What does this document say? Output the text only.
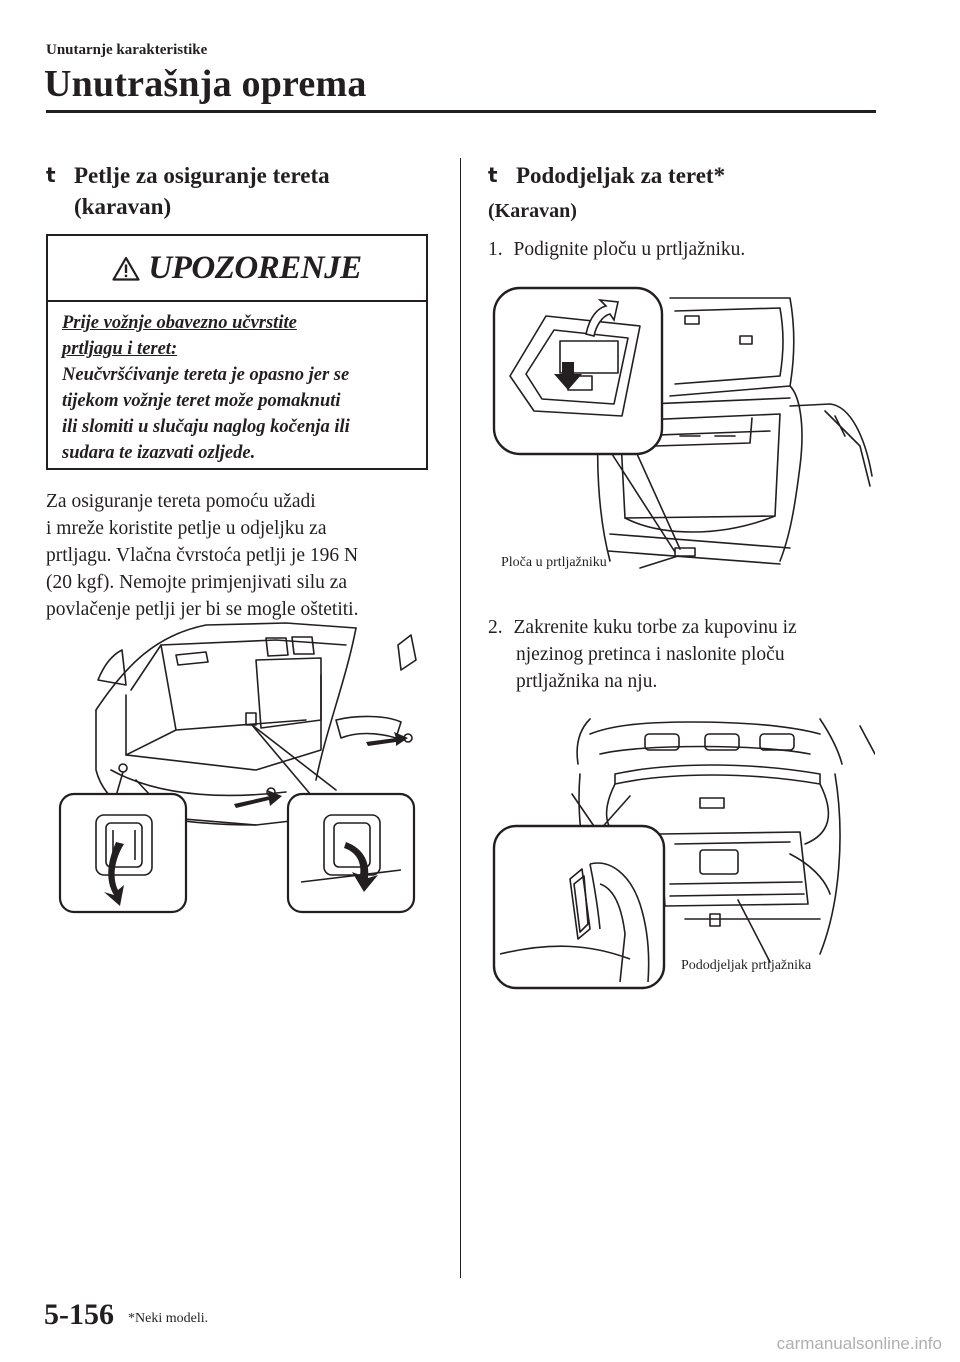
Unutarnje karakteristike
Unutrašnja oprema
t Petlje za osiguranje tereta
(karavan)
UPOZORENJE
Prije vožnje obavezno učvrstite
prtljagu i teret:
Neučvršćivanje tereta je opasno jer se
tijekom vožnje teret može pomaknuti
ili slomiti u slučaju naglog kočenja ili
sudara te izazvati ozljede.
Za osiguranje tereta pomoću užadi
i mreže koristite petlje u odjeljku za
prtljagu. Vlačna čvrstoća petlji je 196 N
(20 kgf). Nemojte primjenjivati silu za
povlačenje petlji jer bi se mogle oštetiti.
t Pododjeljak za teret*
(Karavan)
1. Podignite ploču u prtljažniku.
Ploča u prtljažniku
2. Zakrenite kuku torbe za kupovinu iz
njezinog pretinca i naslonite ploču
prtljažnika na nju.
Pododjeljak prtljažnika
5-156 *Neki modeli.
carmanualsonline.info
